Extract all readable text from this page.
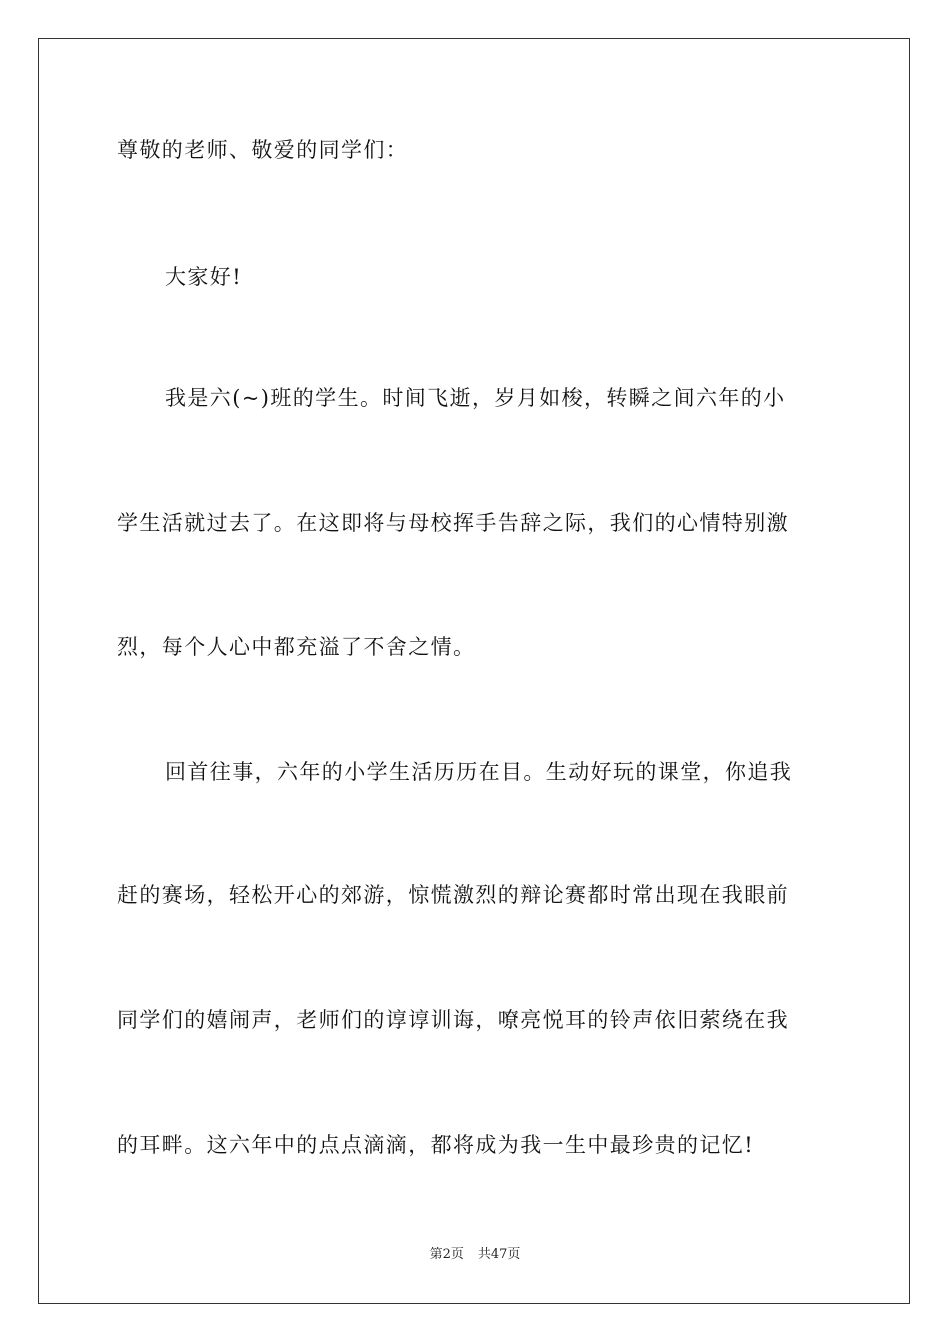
尊敬的老师、敬爱的同学们：
大家好!
我是六(~)班的学生。时间飞逝，岁月如梭，转瞬之间六年的小
学生活就过去了。在这即将与母校挥手告辞之际，我们的心情特别激
烈，每个人心中都充溢了不舍之情。
回首往事，六年的小学生活历历在目。生动好玩的课堂，你追我
赶的赛场，轻松开心的郊游，惊慌激烈的辩论赛都时常出现在我眼前
同学们的嬉闹声，老师们的谆谆训诲，嘹亮悦耳的铃声依旧萦绕在我
的耳畔。这六年中的点点滴滴，都将成为我一生中最珍贵的记忆!
第2页 共47页
